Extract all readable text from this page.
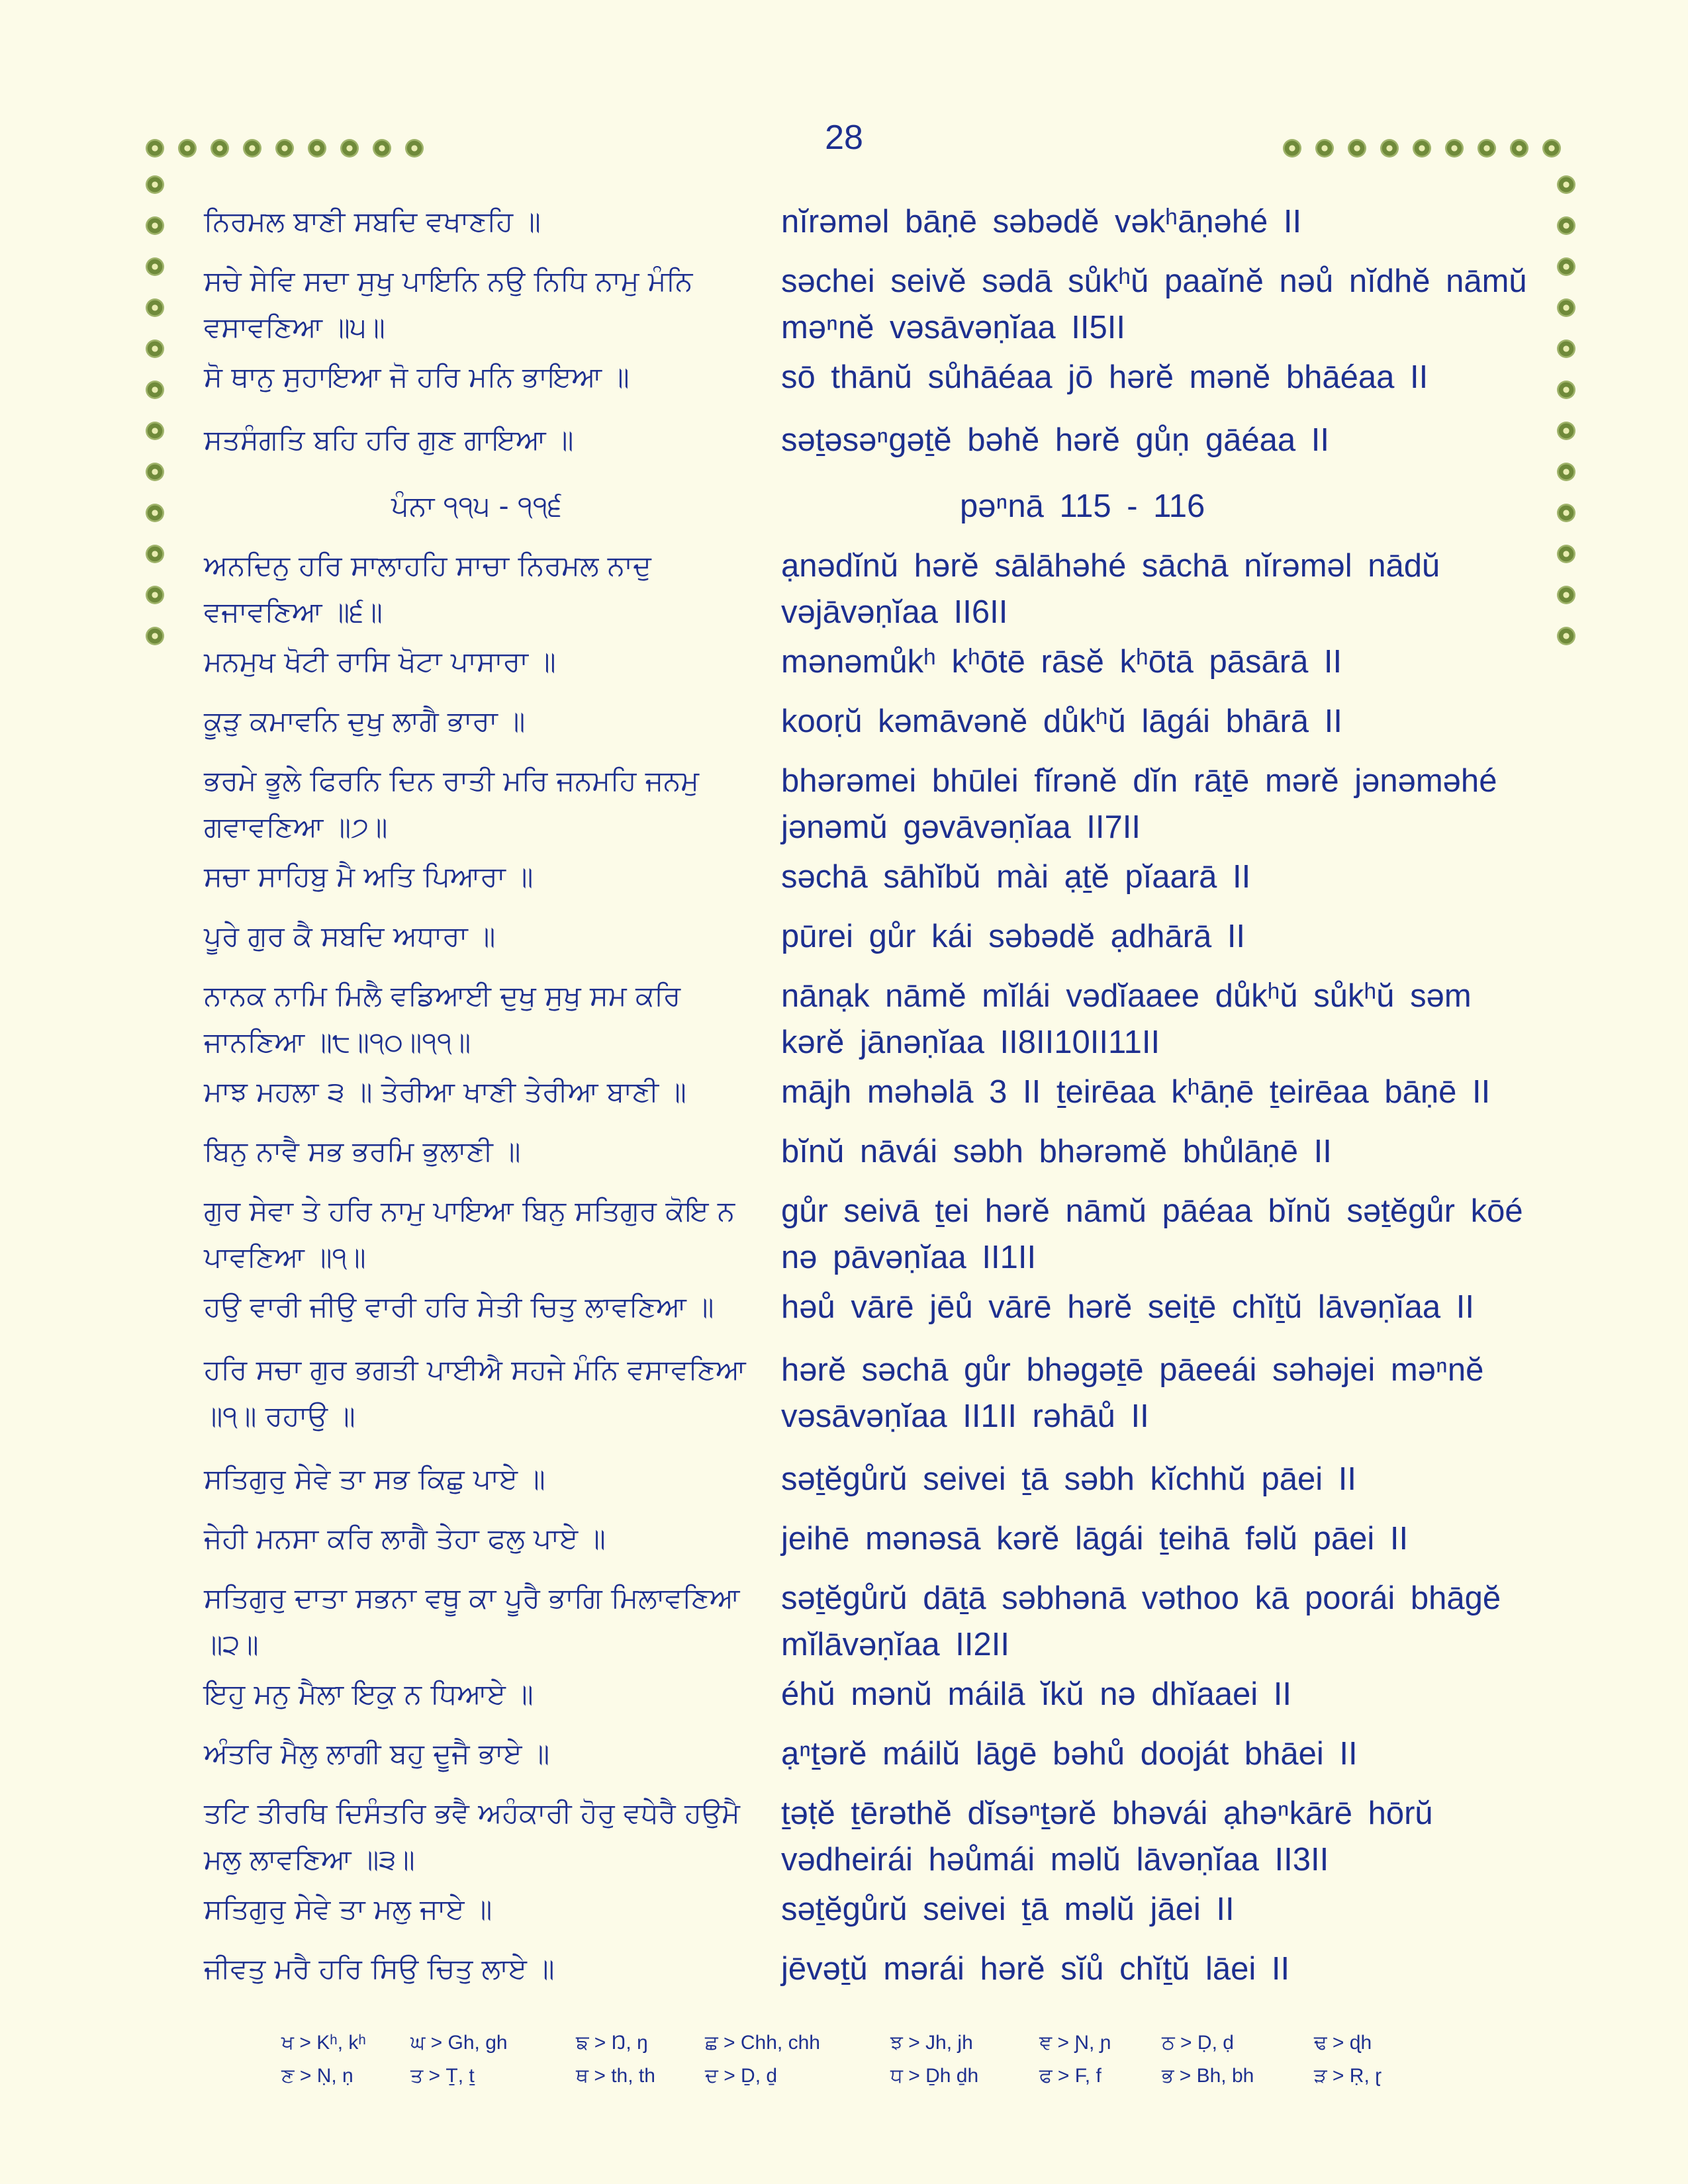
28
ਨਿਰਮਲ ਬਾਣੀ ਸਬਦਿ ਵਖਾਣਹਿ ॥	nĭrəməl bāṇē səbədĕ vəkʰāṇəhé II
ਸਚੇ ਸੇਵਿ ਸਦਾ ਸੁਖੁ ਪਾਇਨਿ ਨਉ ਨਿਧਿ ਨਾਮੁ ਮੰਨਿ ਵਸਾਵਣਿਆ ॥੫॥
səchei seivĕ sədā sůkʰŭ paaĭnĕ nəů nĭdhĕ nāmŭ məⁿnĕ vəsāvəṇĭaa II5II
ਸੋ ਥਾਨੁ ਸੁਹਾਇਆ ਜੋ ਹਰਿ ਮਨਿ ਭਾਇਆ ॥	sō thānŭ sůhāéaa jō hərĕ mənĕ bhāéaa II
ਸਤਸੰਗਤਿ ਬਹਿ ਹਰਿ ਗੁਣ ਗਾਇਆ ॥	səṯəsəⁿgəṯĕ bəhĕ hərĕ gůṇ gāéaa II
ਪੰਨਾ ੧੧੫ - ੧੧੬	pəⁿnā 115 - 116
ਅਨਦਿਨੁ ਹਰਿ ਸਾਲਾਹਹਿ ਸਾਚਾ ਨਿਰਮਲ ਨਾਦੁ ਵਜਾਵਣਿਆ ॥੬॥
ạnədĭnŭ hərĕ sālāhəhé sāchā nĭrəməl nādŭ vəjāvəṇĭaa II6II
ਮਨਮੁਖ ਖੋਟੀ ਰਾਸਿ ਖੋਟਾ ਪਾਸਾਰਾ ॥	mənəmůkʰ kʰōtē rāsĕ kʰōtā pāsārā II
ਕੂੜੁ ਕਮਾਵਨਿ ਦੁਖੁ ਲਾਗੈ ਭਾਰਾ ॥	kooṛŭ kəmāvənĕ důkʰŭ lāgái bhārā II
ਭਰਮੇ ਭੂਲੇ ਫਿਰਨਿ ਦਿਨ ਰਾਤੀ ਮਰਿ ਜਨਮਹਿ ਜਨਮੁ ਗਵਾਵਣਿਆ ॥੭॥
bhərəmei bhūlei fĭrənĕ dĭn rāṯē mərĕ jənəməhé jənəmŭ gəvāvəṇĭaa II7II
ਸਚਾ ਸਾਹਿਬੁ ਮੈ ਅਤਿ ਪਿਆਰਾ ॥	səchā sāhĭbŭ mài ạṯĕ pĭaarā II
ਪੂਰੇ ਗੁਰ ਕੈ ਸਬਦਿ ਅਧਾਰਾ ॥	pūrei gůr kái səbədĕ ạdhārā II
ਨਾਨਕ ਨਾਮਿ ਮਿਲੈ ਵਡਿਆਈ ਦੁਖੁ ਸੁਖੁ ਸਮ ਕਰਿ ਜਾਨਣਿਆ ॥੮॥੧੦॥੧੧॥
nānạk nāmĕ mĭlái vədĭaaee důkʰŭ sůkʰŭ səm kərĕ jānəṇĭaa II8II10II11II
ਮਾਝ ਮਹਲਾ ੩ ॥ ਤੇਰੀਆ ਖਾਣੀ ਤੇਰੀਆ ਬਾਣੀ ॥	mājh məhəlā 3 II ṯeirēaa kʰāṇē ṯeirēaa bāṇē II
ਬਿਨੁ ਨਾਵੈ ਸਭ ਭਰਮਿ ਭੁਲਾਣੀ ॥	bĭnŭ nāvái səbh bhərəmĕ bhůlāṇē II
ਗੁਰ ਸੇਵਾ ਤੇ ਹਰਿ ਨਾਮੁ ਪਾਇਆ ਬਿਨੁ ਸਤਿਗੁਰ ਕੋਇ ਨ ਪਾਵਣਿਆ ॥੧॥
gůr seivā ṯei hərĕ nāmŭ pāéaa bĭnŭ səṯĕgůr kōé nə pāvəṇĭaa II1II
ਹਉ ਵਾਰੀ ਜੀਉ ਵਾਰੀ ਹਰਿ ਸੇਤੀ ਚਿਤੁ ਲਾਵਣਿਆ ॥	həů vārē jēů vārē hərĕ seiṯē chĭṯŭ lāvəṇĭaa II
ਹਰਿ ਸਚਾ ਗੁਰ ਭਗਤੀ ਪਾਈਐ ਸਹਜੇ ਮੰਨਿ ਵਸਾਵਣਿਆ ॥੧॥ ਰਹਾਉ ॥
hərĕ səchā gůr bhəgəṯē pāeeái səhəjei məⁿnĕ vəsāvəṇĭaa II1II rəhāů II
ਸਤਿਗੁਰੁ ਸੇਵੇ ਤਾ ਸਭ ਕਿਛੁ ਪਾਏ ॥	səṯĕgůrŭ seivei ṯā səbh kĭchhŭ pāei II
ਜੇਹੀ ਮਨਸਾ ਕਰਿ ਲਾਗੈ ਤੇਹਾ ਫਲੁ ਪਾਏ ॥	jeihē mənəsā kərĕ lāgái ṯeihā fəlŭ pāei II
ਸਤਿਗੁਰੁ ਦਾਤਾ ਸਭਨਾ ਵਥੂ ਕਾ ਪੂਰੈ ਭਾਗਿ ਮਿਲਾਵਣਿਆ ॥੨॥
səṯĕgůrŭ dāṯā səbhənā vəthoo kā poorái bhāgĕ mĭlāvəṇĭaa II2II
ਇਹੁ ਮਨੁ ਮੈਲਾ ਇਕੁ ਨ ਧਿਆਏ ॥	éhŭ mənŭ máilā ĭkŭ nə dhĭaaei II
ਅੰਤਰਿ ਮੈਲੁ ਲਾਗੀ ਬਹੁ ਦੂਜੈ ਭਾਏ ॥	ạⁿṯərĕ máilŭ lāgē bəhů dooját bhāei II
ਤਟਿ ਤੀਰਥਿ ਦਿਸੰਤਰਿ ਭਵੈ ਅਹੰਕਾਰੀ ਹੋਰੁ ਵਧੇਰੈ ਹਉਮੈ ਮਲੁ ਲਾਵਣਿਆ ॥੩॥
ṯəṭĕ ṯērəthĕ dĭsəⁿṯərĕ bhəvái ạhəⁿkārē hōrŭ vədheirái həůmái məlŭ lāvəṇĭaa II3II
ਸਤਿਗੁਰੁ ਸੇਵੇ ਤਾ ਮਲੁ ਜਾਏ ॥	səṯĕgůrŭ seivei ṯā məlŭ jāei II
ਜੀਵਤੁ ਮਰੈ ਹਰਿ ਸਿਉ ਚਿਤੁ ਲਾਏ ॥	jēvəṯŭ mərái hərĕ sĭů chĭṯŭ lāei II
ਖ > Kʰ, kʰ ਘ > Gh, gh	ਙ > Ŋ, ŋ	ਛ > Chh, chh	ਝ > Jh, jh	ਞ > Ɲ, ɲ	ਠ > Ḍ, ḍ	ਢ > ɖh
ਣ > Ṇ, ṇ	ਤ > Ṯ, ṯ	ਥ > th, th	ਦ > Ḏ, ḏ	ਧ > Ḏh ḏh	ਫ > F, f	ਭ > Bh, bh	ੜ > Ṛ, ɽ
